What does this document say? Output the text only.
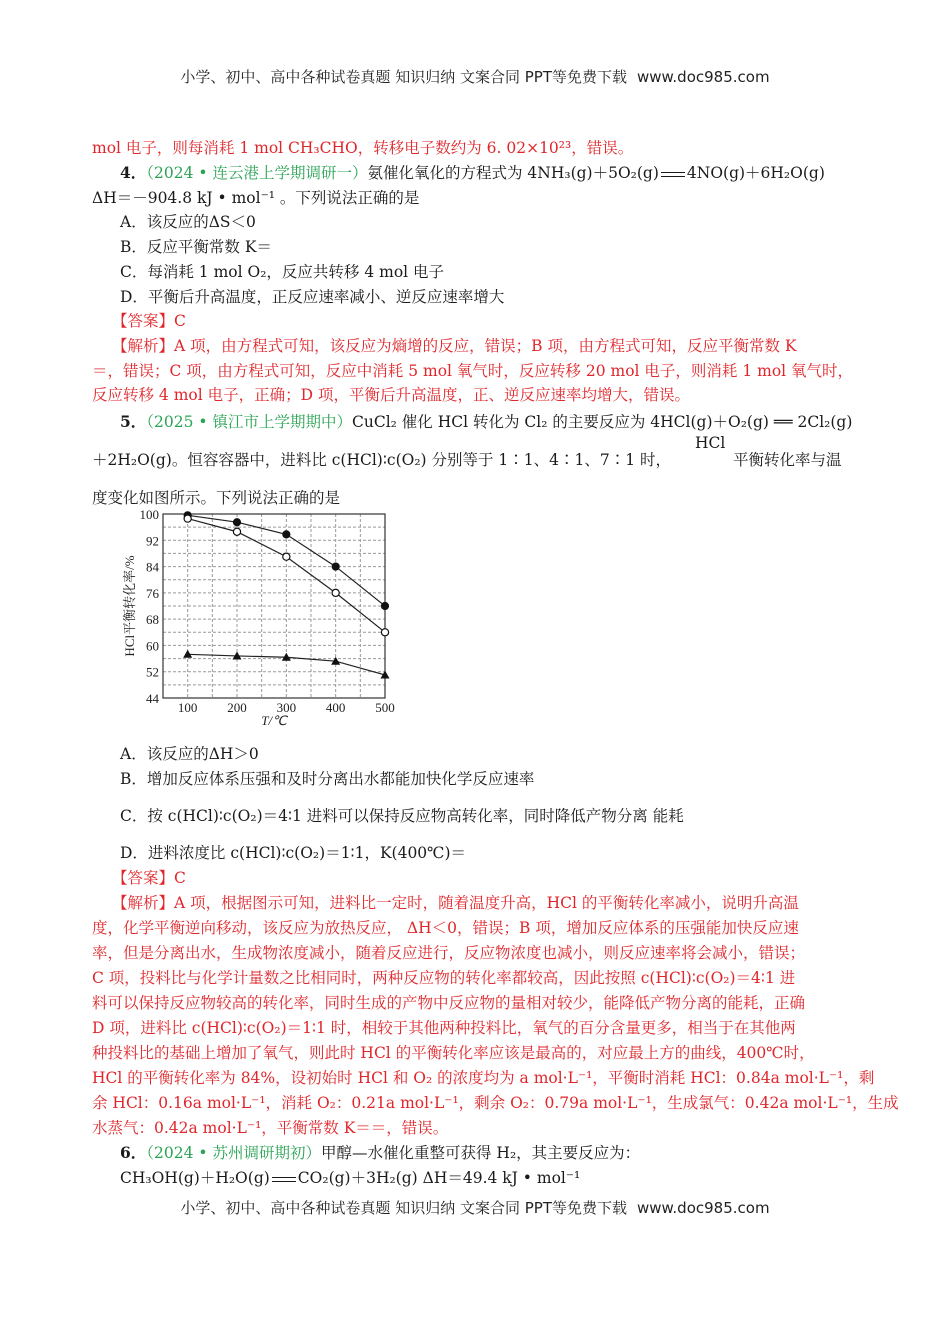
小学、初中、高中各种试卷真题 知识归纳 文案合同 PPT等免费下载 www.doc985.com
mol 电子，则每消耗 1 mol CH₃CHO，转移电子数约为 6. 02×10²³，错误。
4．（2024 • 连云港上学期调研一）氨催化氧化的方程式为 4NH₃(g)＋5O₂(g) 4NO(g)＋6H₂O(g)
ΔH＝－904.8 kJ • mol⁻¹ 。下列说法正确的是
A．该反应的ΔS＜0
B．反应平衡常数 K＝
C．每消耗 1 mol O₂，反应共转移 4 mol 电子
D．平衡后升高温度，正反应速率减小、逆反应速率增大
【答案】C
【解析】A 项，由方程式可知，该反应为熵增的反应，错误；B 项，由方程式可知，反应平衡常数 K
＝，错误；C 项，由方程式可知，反应中消耗 5 mol 氧气时，反应转移 20 mol 电子，则消耗 1 mol 氧气时，
反应转移 4 mol 电子，正确；D 项，平衡后升高温度，正、逆反应速率均增大，错误。
5．（2025 • 镇江市上学期期中）CuCl₂ 催化 HCl 转化为 Cl₂ 的主要反应为 4HCl(g)＋O₂(g) ══ 2Cl₂(g)
HCl
＋2H₂O(g)。恒容容器中，进料比 c(HCl)∶c(O₂) 分别等于 1∶1、4∶1、7∶1 时，	平衡转化率与温
度变化如图所示。下列说法正确的是
44
52
60
68
76
84
92
100
100 200 300 400 500
T/℃
HCl平衡转化率/%
A．该反应的ΔH＞0
B．增加反应体系压强和及时分离出水都能加快化学反应速率
C．按 c(HCl)∶c(O₂)＝4∶1 进料可以保持反应物高转化率，同时降低产物分离 能耗
D．进料浓度比 c(HCl)∶c(O₂)＝1∶1，K(400℃)＝
【答案】C
【解析】A 项，根据图示可知，进料比一定时，随着温度升高，HCl 的平衡转化率减小，说明升高温
度，化学平衡逆向移动，该反应为放热反应， ΔH＜0，错误；B 项，增加反应体系的压强能加快反应速
率，但是分离出水，生成物浓度减小，随着反应进行，反应物浓度也减小，则反应速率将会减小，错误；
C 项，投料比与化学计量数之比相同时，两种反应物的转化率都较高，因此按照 c(HCl)∶c(O₂)＝4∶1 进
料可以保持反应物较高的转化率，同时生成的产物中反应物的量相对较少，能降低产物分离的能耗，正确
D 项，进料比 c(HCl)∶c(O₂)＝1∶1 时，相较于其他两种投料比，氧气的百分含量更多，相当于在其他两
种投料比的基础上增加了氧气，则此时 HCl 的平衡转化率应该是最高的，对应最上方的曲线，400℃时，
HCl 的平衡转化率为 84%，设初始时 HCl 和 O₂ 的浓度均为 a mol·L⁻¹，平衡时消耗 HCl：0.84a mol·L⁻¹，剩
余 HCl：0.16a mol·L⁻¹，消耗 O₂：0.21a mol·L⁻¹，剩余 O₂：0.79a mol·L⁻¹，生成氯气：0.42a mol·L⁻¹，生成
水蒸气：0.42a mol·L⁻¹，平衡常数 K＝＝，错误。
6．（2024 • 苏州调研期初）甲醇—水催化重整可获得 H₂，其主要反应为：
CH₃OH(g)＋H₂O(g) CO₂(g)＋3H₂(g) ΔH＝49.4 kJ • mol⁻¹
小学、初中、高中各种试卷真题 知识归纳 文案合同 PPT等免费下载 www.doc985.com
